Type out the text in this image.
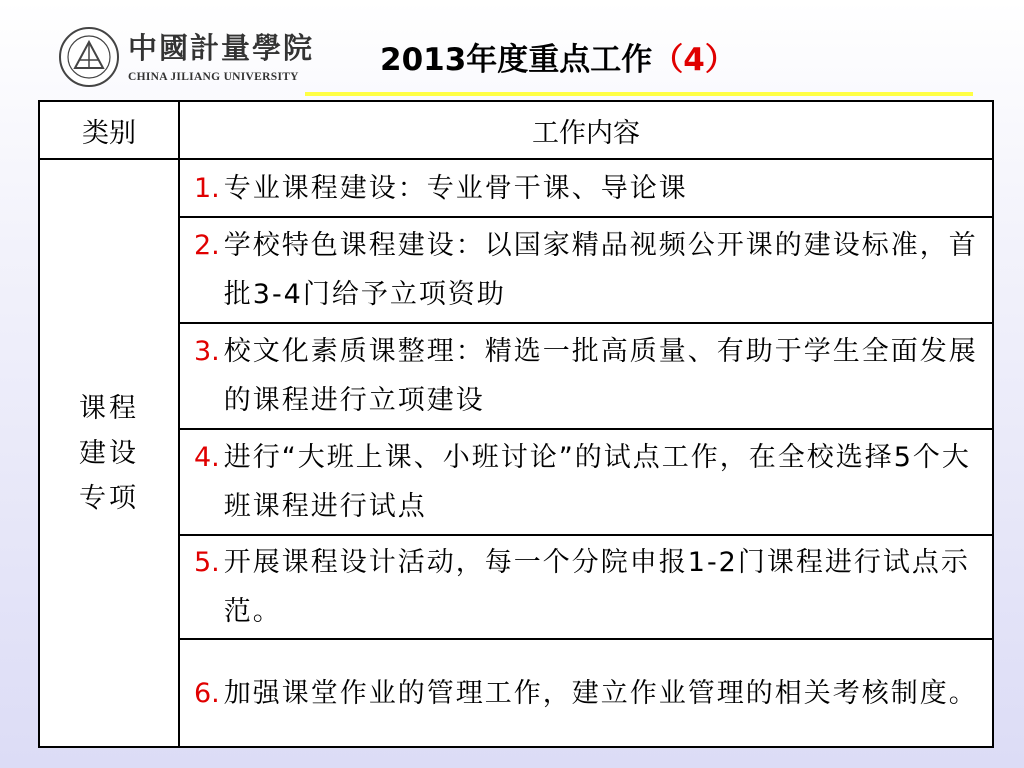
中國計量學院
CHINA JILIANG UNIVERSITY	2013年度重点工作（4）
类别	工作内容

课程
建设
专项	1. 专业课程建设：专业骨干课、导论课

	2. 学校特色课程建设：以国家精品视频公开课的建设标准，首批3-4门给予立项资助

	3. 校文化素质课整理：精选一批高质量、有助于学生全面发展的课程进行立项建设

	4. 进行“大班上课、小班讨论”的试点工作，在全校选择5个大班课程进行试点

	5. 开展课程设计活动，每一个分院申报1-2门课程进行试点示范。

	6. 加强课堂作业的管理工作，建立作业管理的相关考核制度。
